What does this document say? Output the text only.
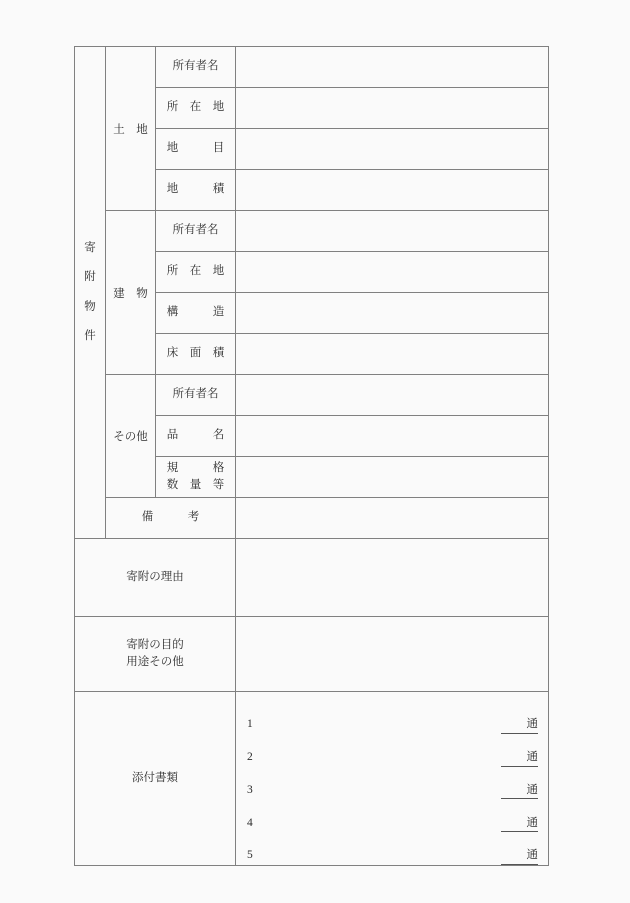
寄
附
物
件	土　地	所有者名	
		所　在　地	
		地　　　目	
		地　　　積	
	建　物	所有者名	
		所　在　地	
		構　　　造	
		床　面　積	
	その他	所有者名	
		品　　　名	

		規　　　格
数　量　等	

	備　　　考		
寄附の理由			

寄附の目的
用途その他			

添付書類	
1	通
2	通
3	通
4	通
5	通
